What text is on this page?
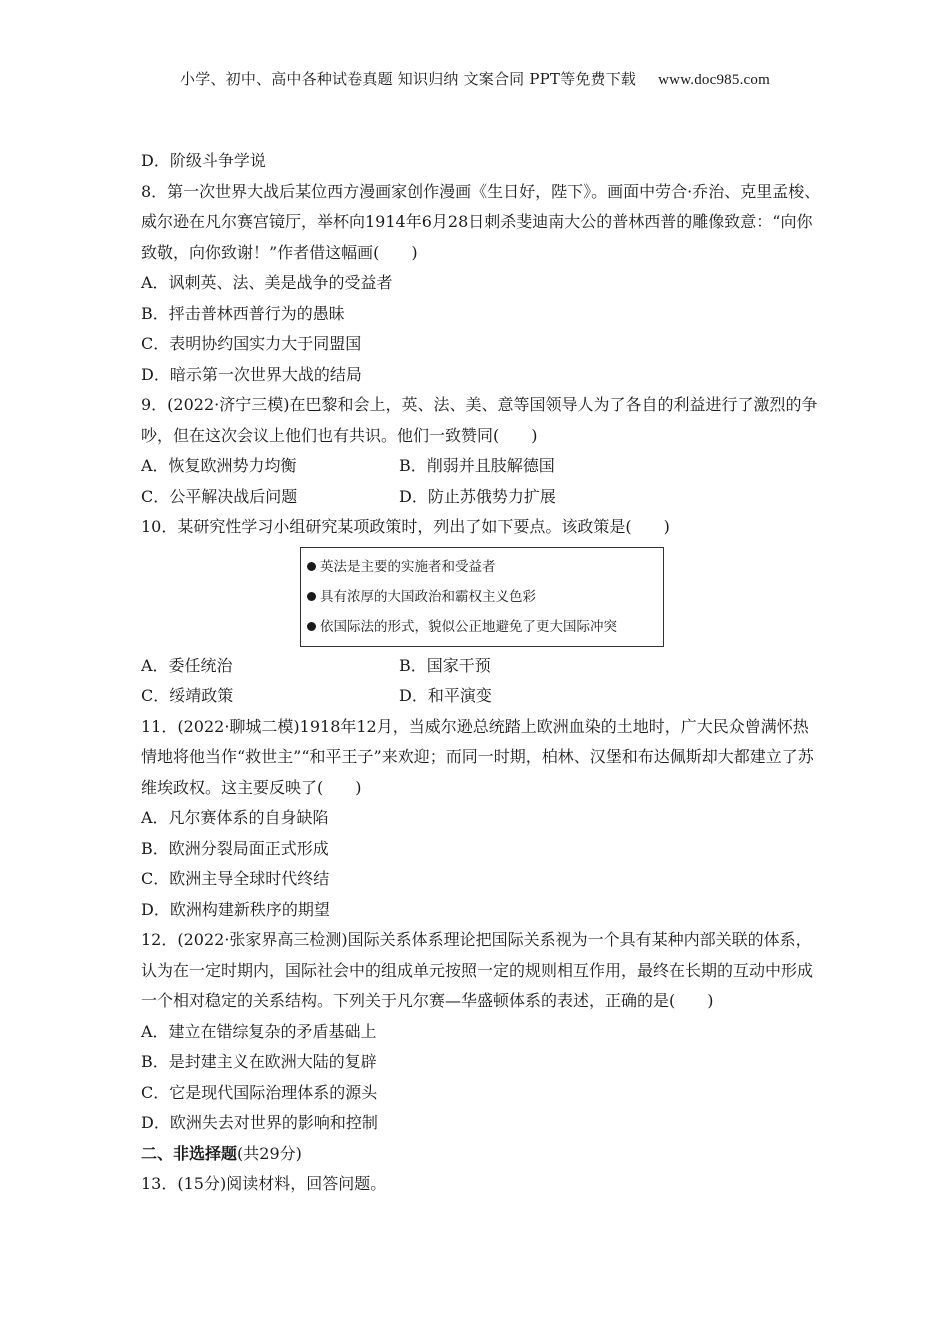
小学、初中、高中各种试卷真题 知识归纳 文案合同 PPT等免费下载 www.doc985.com
D．阶级斗争学说
8．第一次世界大战后某位西方漫画家创作漫画《生日好，陛下》。画面中劳合·乔治、克里孟梭、威尔逊在凡尔赛宫镜厅，举杯向1914年6月28日刺杀斐迪南大公的普林西普的雕像致意：“向你致敬，向你致谢！”作者借这幅画(　　)
A．讽刺英、法、美是战争的受益者
B．抨击普林西普行为的愚昧
C．表明协约国实力大于同盟国
D．暗示第一次世界大战的结局
9．(2022·济宁三模)在巴黎和会上，英、法、美、意等国领导人为了各自的利益进行了激烈的争吵，但在这次会议上他们也有共识。他们一致赞同(　　)
A．恢复欧洲势力均衡	B．削弱并且肢解德国
C．公平解决战后问题	D．防止苏俄势力扩展
10．某研究性学习小组研究某项政策时，列出了如下要点。该政策是(　　)
英法是主要的实施者和受益者
具有浓厚的大国政治和霸权主义色彩
依国际法的形式，貌似公正地避免了更大国际冲突
A．委任统治	B．国家干预
C．绥靖政策	D．和平演变
11．(2022·聊城二模)1918年12月，当威尔逊总统踏上欧洲血染的土地时，广大民众曾满怀热情地将他当作“救世主”“和平王子”来欢迎；而同一时期，柏林、汉堡和布达佩斯却大都建立了苏维埃政权。这主要反映了(　　)
A．凡尔赛体系的自身缺陷
B．欧洲分裂局面正式形成
C．欧洲主导全球时代终结
D．欧洲构建新秩序的期望
12．(2022·张家界高三检测)国际关系体系理论把国际关系视为一个具有某种内部关联的体系，认为在一定时期内，国际社会中的组成单元按照一定的规则相互作用，最终在长期的互动中形成一个相对稳定的关系结构。下列关于凡尔赛—华盛顿体系的表述，正确的是(　　)
A．建立在错综复杂的矛盾基础上
B．是封建主义在欧洲大陆的复辟
C．它是现代国际治理体系的源头
D．欧洲失去对世界的影响和控制
二、非选择题(共29分)
13．(15分)阅读材料，回答问题。
